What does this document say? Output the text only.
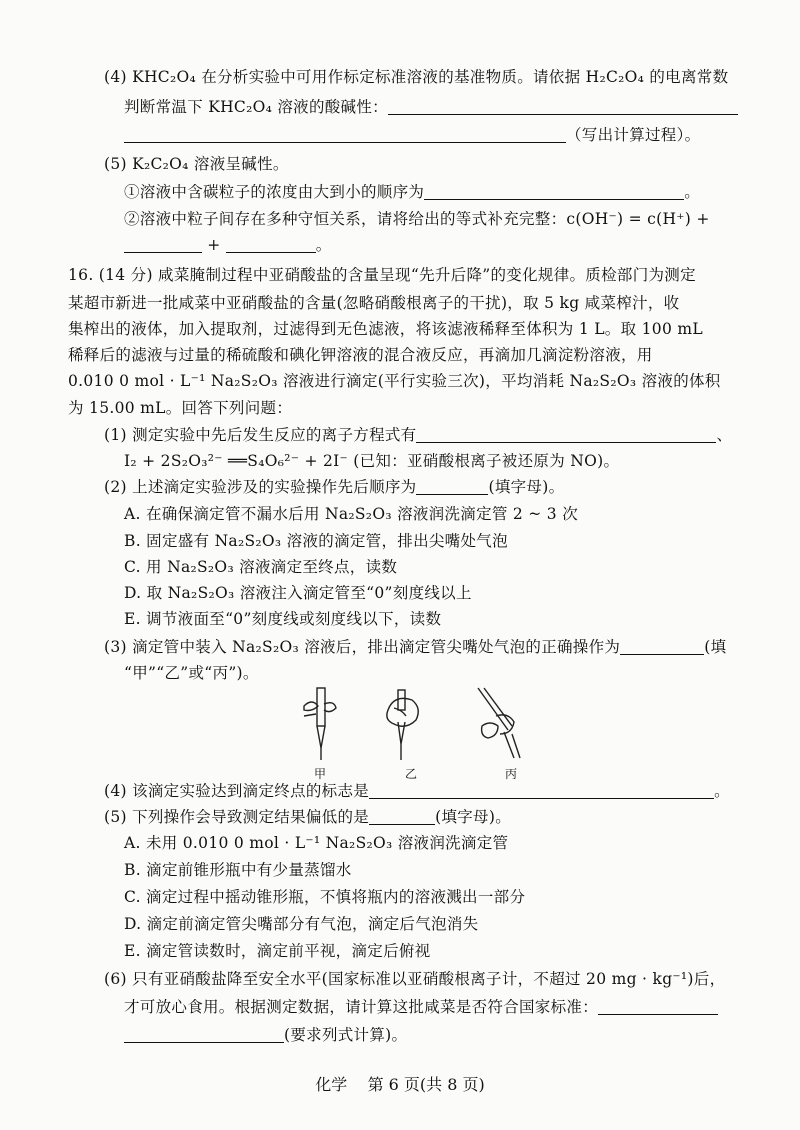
(4) KHC₂O₄ 在分析实验中可用作标定标准溶液的基准物质。请依据 H₂C₂O₄ 的电离常数
判断常温下 KHC₂O₄ 溶液的酸碱性：
（写出计算过程）。
(5) K₂C₂O₄ 溶液呈碱性。
①溶液中含碳粒子的浓度由大到小的顺序为	。
②溶液中粒子间存在多种守恒关系，请将给出的等式补充完整：c(OH⁻) = c(H⁺) +
+	。
16. (14 分) 咸菜腌制过程中亚硝酸盐的含量呈现“先升后降”的变化规律。质检部门为测定
某超市新进一批咸菜中亚硝酸盐的含量(忽略硝酸根离子的干扰)，取 5 kg 咸菜榨汁，收
集榨出的液体，加入提取剂，过滤得到无色滤液，将该滤液稀释至体积为 1 L。取 100 mL
稀释后的滤液与过量的稀硫酸和碘化钾溶液的混合液反应，再滴加几滴淀粉溶液，用
0.010 0 mol · L⁻¹ Na₂S₂O₃ 溶液进行滴定(平行实验三次)，平均消耗 Na₂S₂O₃ 溶液的体积
为 15.00 mL。回答下列问题：
(1) 测定实验中先后发生反应的离子方程式有	、
I₂ + 2S₂O₃²⁻ ══S₄O₆²⁻ + 2I⁻ (已知：亚硝酸根离子被还原为 NO)。
(2) 上述滴定实验涉及的实验操作先后顺序为	(填字母)。
A. 在确保滴定管不漏水后用 Na₂S₂O₃ 溶液润洗滴定管 2 ~ 3 次
B. 固定盛有 Na₂S₂O₃ 溶液的滴定管，排出尖嘴处气泡
C. 用 Na₂S₂O₃ 溶液滴定至终点，读数
D. 取 Na₂S₂O₃ 溶液注入滴定管至“0”刻度线以上
E. 调节液面至“0”刻度线或刻度线以下，读数
(3) 滴定管中装入 Na₂S₂O₃ 溶液后，排出滴定管尖嘴处气泡的正确操作为	(填
“甲”“乙”或“丙”)。
甲	乙	丙
(4) 该滴定实验达到滴定终点的标志是	。
(5) 下列操作会导致测定结果偏低的是	(填字母)。
A. 未用 0.010 0 mol · L⁻¹ Na₂S₂O₃ 溶液润洗滴定管
B. 滴定前锥形瓶中有少量蒸馏水
C. 滴定过程中摇动锥形瓶，不慎将瓶内的溶液溅出一部分
D. 滴定前滴定管尖嘴部分有气泡，滴定后气泡消失
E. 滴定管读数时，滴定前平视，滴定后俯视
(6) 只有亚硝酸盐降至安全水平(国家标准以亚硝酸根离子计，不超过 20 mg · kg⁻¹)后，
才可放心食用。根据测定数据，请计算这批咸菜是否符合国家标准：
(要求列式计算)。
化学 第 6 页(共 8 页)
